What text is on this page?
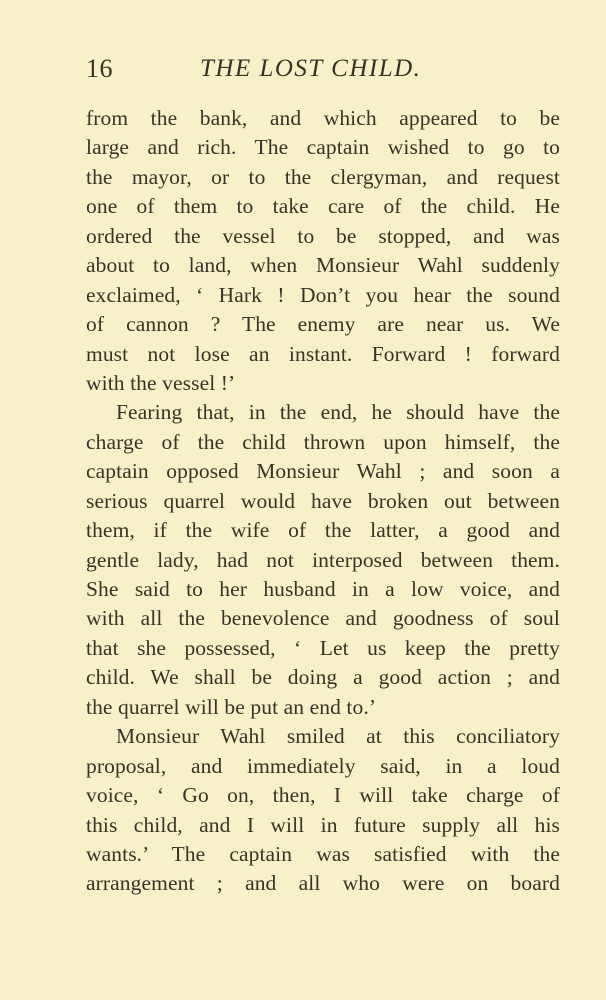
16	THE LOST CHILD.
from the bank, and which appeared to be
large and rich. The captain wished to go to
the mayor, or to the clergyman, and request
one of them to take care of the child. He
ordered the vessel to be stopped, and was
about to land, when Monsieur Wahl suddenly
exclaimed, ‘ Hark ! Don’t you hear the sound
of cannon ? The enemy are near us. We
must not lose an instant. Forward ! forward
with the vessel !’
Fearing that, in the end, he should have the
charge of the child thrown upon himself, the
captain opposed Monsieur Wahl ; and soon a
serious quarrel would have broken out between
them, if the wife of the latter, a good and
gentle lady, had not interposed between them.
She said to her husband in a low voice, and
with all the benevolence and goodness of soul
that she possessed, ‘ Let us keep the pretty
child. We shall be doing a good action ; and
the quarrel will be put an end to.’
Monsieur Wahl smiled at this conciliatory
proposal, and immediately said, in a loud
voice, ‘ Go on, then, I will take charge of
this child, and I will in future supply all his
wants.’ The captain was satisfied with the
arrangement ; and all who were on board
